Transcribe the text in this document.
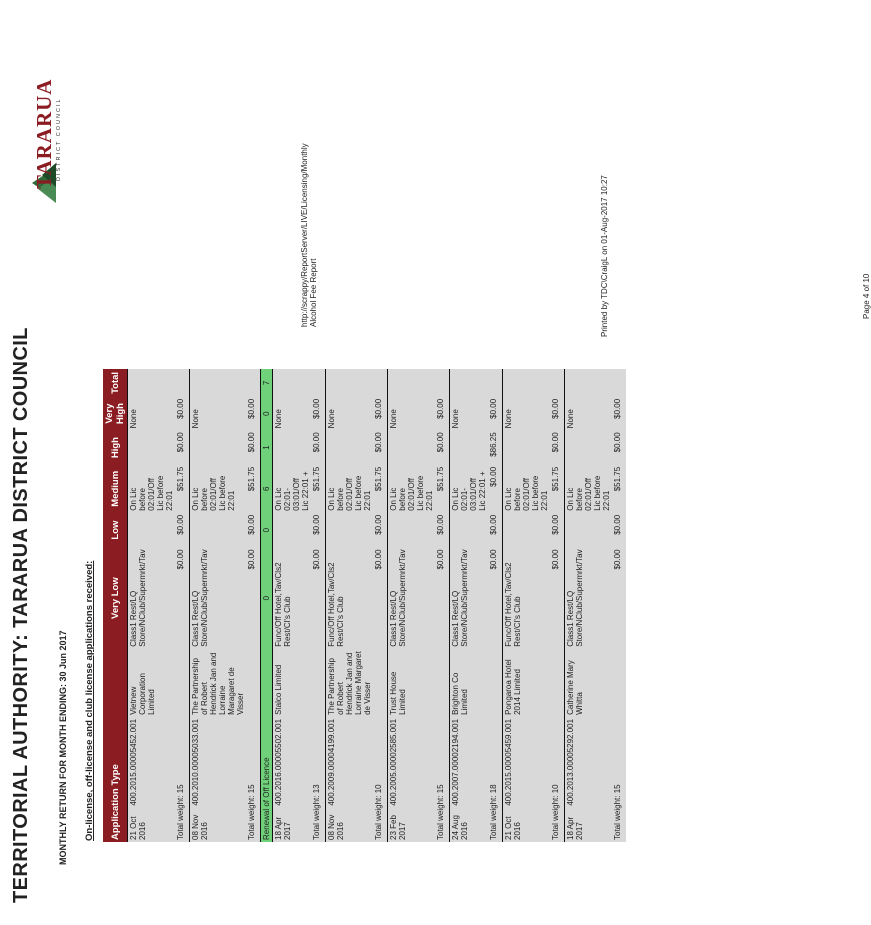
TERRITORIAL AUTHORITY: TARARUA DISTRICT COUNCIL	MONTHLY RETURN FOR MONTH ENDING: 30 Jun 2017 On-license, off-license and club license applications received:
TARARUA DISTRICT COUNCIL
Application Type			Very Low	Low	Medium	High	Very High	Total
21 Oct 2016	400.2015.00005452.001	Vietnew Corporation Limited	Class1 Rest/LQ Store/NClub/Supermrkt/Tav		On Lic before 02:01/Off Lic before 22:01		None	
Total weight: 15			$0.00	$0.00	$51.75	$0.00	$0.00	
08 Nov 2016	400.2010.00005033.001	The Partnership of Robert Hendrick Jan and Lorraine Maragaret de Visser	Class1 Rest/LQ Store/NClub/Supermrkt/Tav		On Lic before 02:01/Off Lic before 22:01		None	
Total weight: 15			$0.00	$0.00	$51.75	$0.00	$0.00	
Renewal of Off Licence			0	0	6	1	0	7
18 Apr 2017	400.2016.00005502.001	Stalco Limited	Func/Off Hotel,Tav/Cls2 Rest/Cl's Club		On Lic 02:01-03:01/Off Lic 22:01 +		None	
Total weight: 13			$0.00	$0.00	$51.75	$0.00	$0.00	
08 Nov 2016	400.2009.00004199.001	The Partnership of Robert Hendrick Jan and Lorraine Margaret de Visser	Func/Off Hotel,Tav/Cls2 Rest/Cl's Club		On Lic before 02:01/Off Lic before 22:01		None	
Total weight: 10			$0.00	$0.00	$51.75	$0.00	$0.00	
23 Feb 2017	400.2005.00002585.001	Trust House Limited	Class1 Rest/LQ Store/NClub/Supermrkt/Tav		On Lic before 02:01/Off Lic before 22:01		None	
Total weight: 15			$0.00	$0.00	$51.75	$0.00	$0.00	
24 Aug 2016	400.2007.00002194.001	Brighton Co Limited	Class1 Rest/LQ Store/NClub/Supermrkt/Tav		On Lic 02:01-03:01/Off Lic 22:01 +		None	
Total weight: 18			$0.00	$0.00	$0.00	$86.25	$0.00	
21 Oct 2016	400.2015.00005459.001	Pongaroa Hotel 2014 Limited	Func/Off Hotel,Tav/Cls2 Rest/Cl's Club		On Lic before 02:01/Off Lic before 22:01		None	
Total weight: 10			$0.00	$0.00	$51.75	$0.00	$0.00	
18 Apr 2017	400.2013.00005292.001	Catherine Mary Whitta	Class1 Rest/LQ Store/NClub/Supermrkt/Tav		On Lic before 02:01/Off Lic before 22:01		None	
Total weight: 15			$0.00	$0.00	$51.75	$0.00	$0.00	
Printed by TDC\CraigL on 01-Aug-2017 10:27
http://scrappy/ReportServer/LIVE/Licensing/Monthly Alcohol Fee Report	Page 4 of 10
